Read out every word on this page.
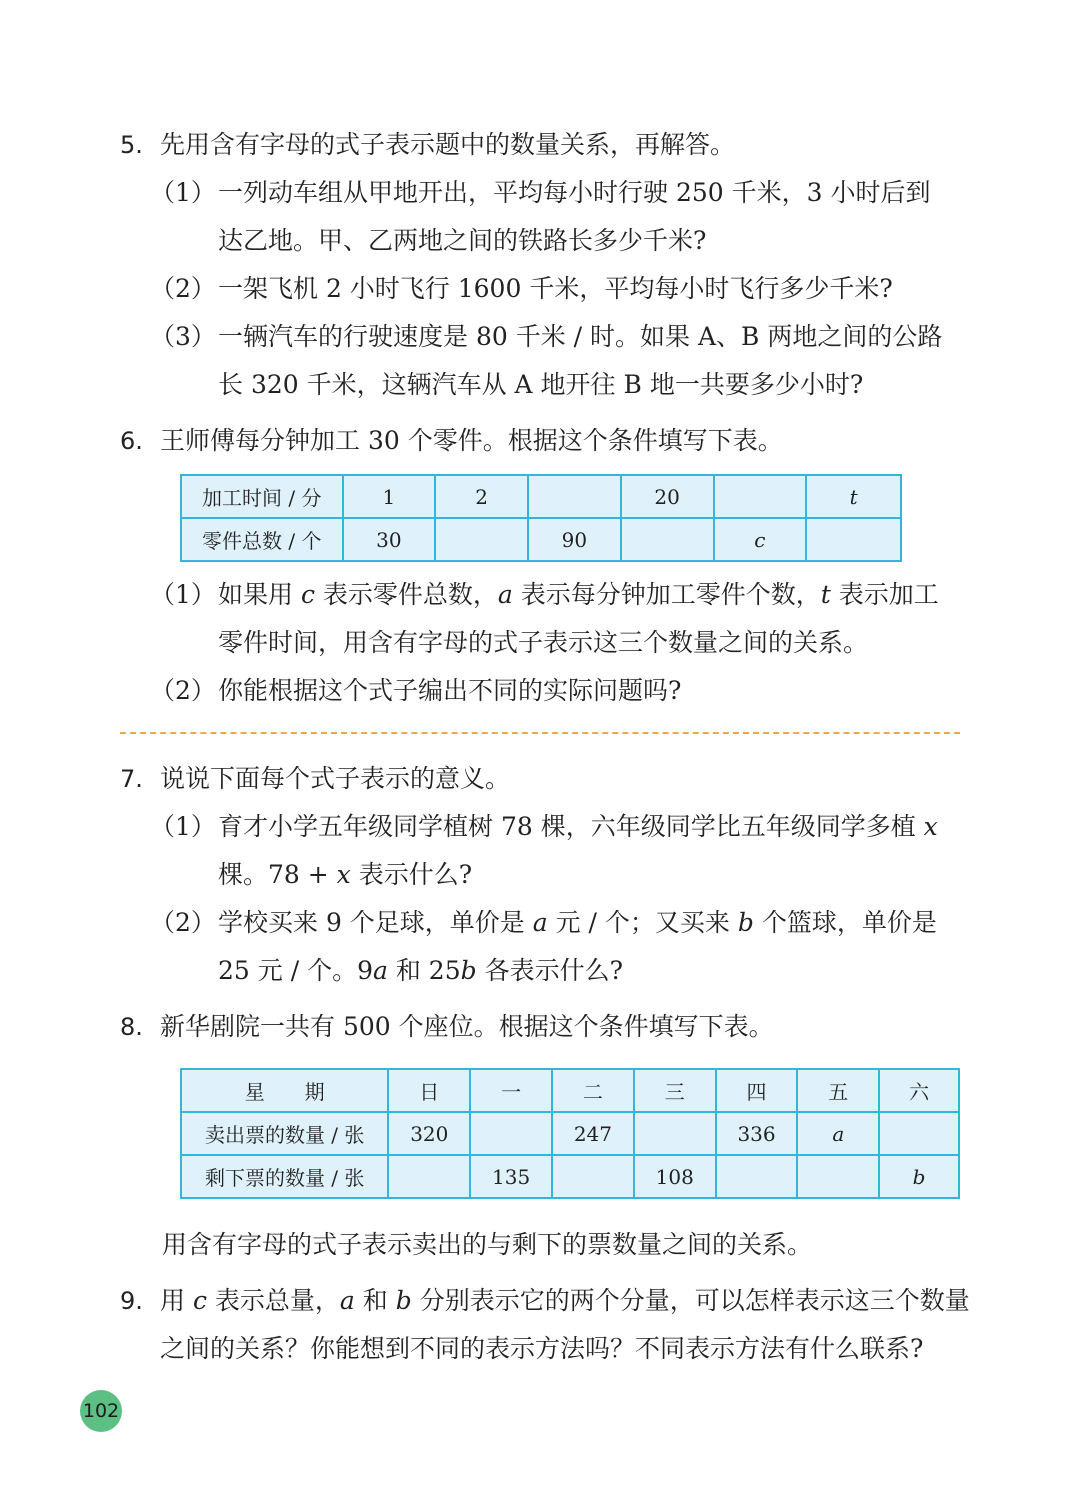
5. 先用含有字母的式子表示题中的数量关系，再解答。
（1） 一列动车组从甲地开出，平均每小时行驶 250 千米，3 小时后到
达乙地。甲、乙两地之间的铁路长多少千米?
（2） 一架飞机 2 小时飞行 1600 千米，平均每小时飞行多少千米?
（3） 一辆汽车的行驶速度是 80 千米 / 时。如果 A、B 两地之间的公路
长 320 千米，这辆汽车从 A 地开往 B 地一共要多少小时?
6. 王师傅每分钟加工 30 个零件。根据这个条件填写下表。
加工时间 / 分	1	2		20		t
零件总数 / 个	30		90		c	
（1） 如果用 c 表示零件总数，a 表示每分钟加工零件个数，t 表示加工
零件时间，用含有字母的式子表示这三个数量之间的关系。
（2） 你能根据这个式子编出不同的实际问题吗?
7. 说说下面每个式子表示的意义。
（1） 育才小学五年级同学植树 78 棵，六年级同学比五年级同学多植 x
棵。78 + x 表示什么?
（2） 学校买来 9 个足球，单价是 a 元 / 个；又买来 b 个篮球，单价是
25 元 / 个。9a 和 25b 各表示什么?
8. 新华剧院一共有 500 个座位。根据这个条件填写下表。
星　　期	日	一	二	三	四	五	六
卖出票的数量 / 张	320		247		336	a	
剩下票的数量 / 张		135		108			b
用含有字母的式子表示卖出的与剩下的票数量之间的关系。
9. 用 c 表示总量，a 和 b 分别表示它的两个分量，可以怎样表示这三个数量
之间的关系？你能想到不同的表示方法吗？不同表示方法有什么联系?
102
